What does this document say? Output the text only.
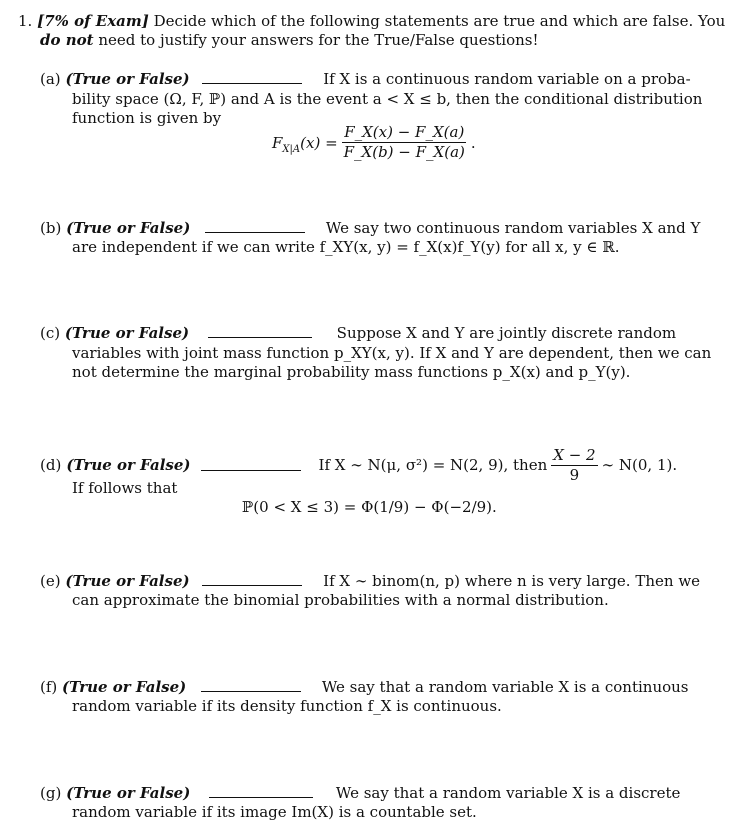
1. [7% of Exam] Decide which of the following statements are true and which are false. You
do not need to justify your answers for the True/False questions!
(a) (True or False)	If X is a continuous random variable on a proba-
bility space (Ω, F, ℙ) and A is the event a < X ≤ b, then the conditional distribution
function is given by
$F_{X|A}(x) = \frac{F\_X(x) - F\_X(a)}{F\_X(b) - F\_X(a)}$ .
(b) (True or False)	We say two continuous random variables X and Y
are independent if we can write f_XY(x, y) = f_X(x)f_Y(y) for all x, y ∈ ℝ.
(c) (True or False)	Suppose X and Y are jointly discrete random
variables with joint mass function p_XY(x, y). If X and Y are dependent, then we can
not determine the marginal probability mass functions p_X(x) and p_Y(y).
(d) (True or False)	If X ∼ N(μ, σ²) = N(2, 9), then $\frac{X - 2}{9}$ ∼ N(0, 1).
If follows that
ℙ(0 < X ≤ 3) = Φ(1/9) − Φ(−2/9).
(e) (True or False)	If X ∼ binom(n, p) where n is very large. Then we
can approximate the binomial probabilities with a normal distribution.
(f) (True or False)	We say that a random variable X is a continuous
random variable if its density function f_X is continuous.
(g) (True or False)	We say that a random variable X is a discrete
random variable if its image Im(X) is a countable set.
